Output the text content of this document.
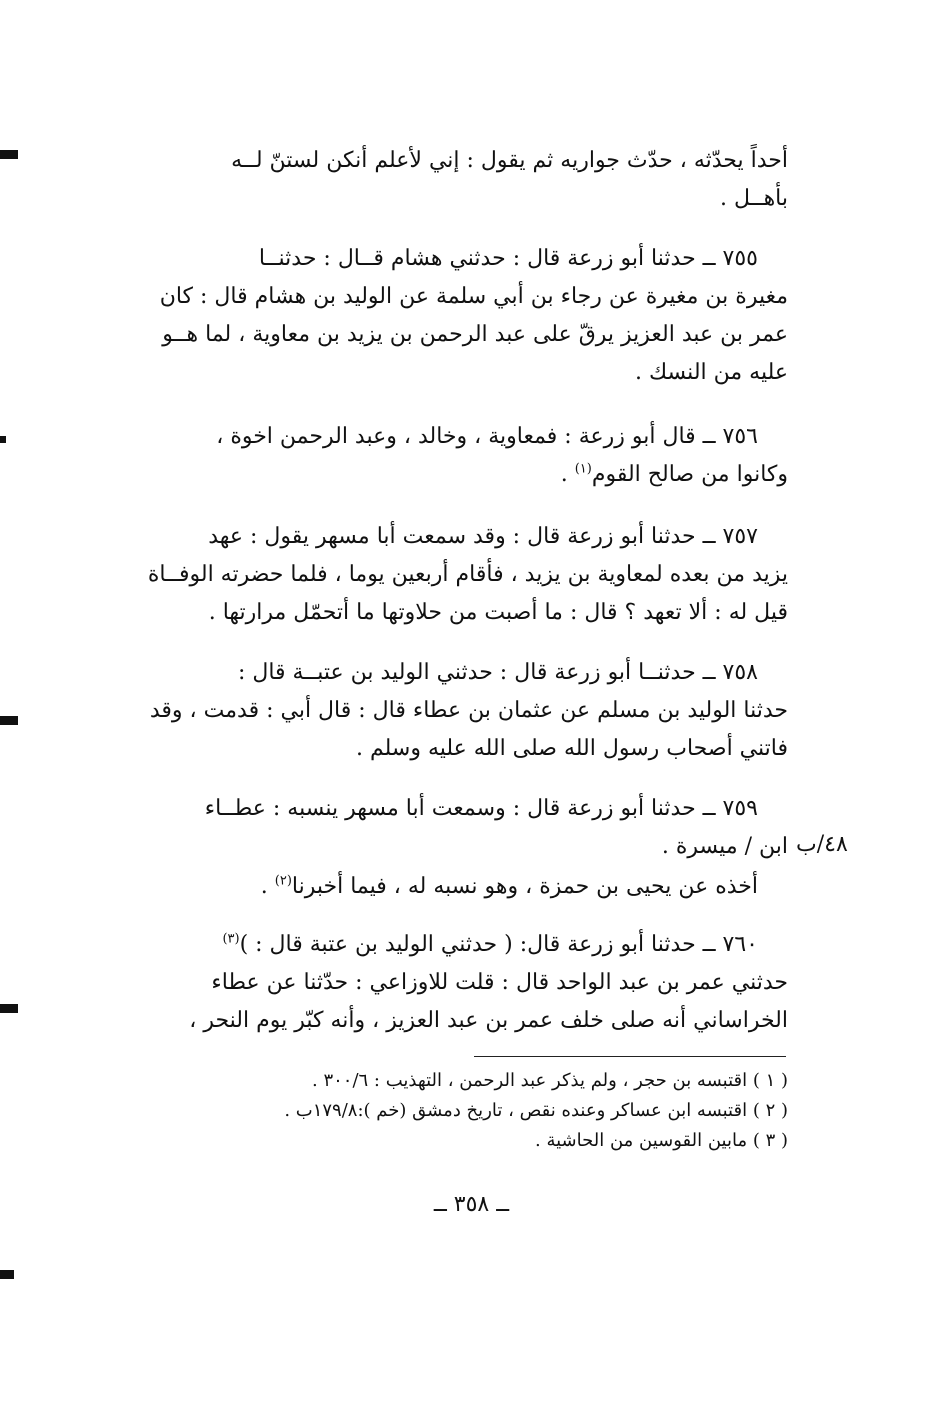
أحداً يحدّثه ، حدّث جواريه ثم يقول : إني لأعلم أنكن لستنّ لــه
بأهــل .
٧٥٥ ــ حدثنا أبو زرعة قال : حدثني هشام قــال : حدثنــا
مغيرة بن مغيرة عن رجاء بن أبي سلمة عن الوليد بن هشام قال : كان
عمر بن عبد العزيز يرقّ على عبد الرحمن بن يزيد بن معاوية ، لما هــو
عليه من النسك .
٧٥٦ ــ قال أبو زرعة : فمعاوية ، وخالد ، وعبد الرحمن اخوة ،
وكانوا من صالح القوم$^{(١)}$ .
٧٥٧ ــ حدثنا أبو زرعة قال : وقد سمعت أبا مسهر يقول : عهد
يزيد من بعده لمعاوية بن يزيد ، فأقام أربعين يوما ، فلما حضرته الوفــاة
قيل له : ألا تعهد ؟ قال : ما أصبت من حلاوتها ما أتحمّل مرارتها .
٧٥٨ ــ حدثنــا أبو زرعة قال : حدثني الوليد بن عتبــة قال :
حدثنا الوليد بن مسلم عن عثمان بن عطاء قال : قال أبي : قدمت ، وقد
فاتني أصحاب رسول الله صلى الله عليه وسلم .
٧٥٩ ــ حدثنا أبو زرعة قال : وسمعت أبا مسهر ينسبه : عطــاء
ابن / ميسرة . ٤٨/ب
أخذه عن يحيى بن حمزة ، وهو نسبه له ، فيما أخبرنا$^{(٢)}$ .
٧٦٠ ــ حدثنا أبو زرعة قال: ( حدثني الوليد بن عتبة قال : )$^{(٣)}$
حدثني عمر بن عبد الواحد قال : قلت للاوزاعي : حدّثنا عن عطاء
الخراساني أنه صلى خلف عمر بن عبد العزيز ، وأنه كبّر يوم النحر ،
( ١ ) اقتبسه بن حجر ، ولم يذكر عبد الرحمن ، التهذيب : ٣٠٠/٦ .
( ٢ ) اقتبسه ابن عساكر وعنده نقص ، تاريخ دمشق (خم ):١٧٩/٨ب .
( ٣ ) مابين القوسين من الحاشية .
ــ ٣٥٨ ــ
